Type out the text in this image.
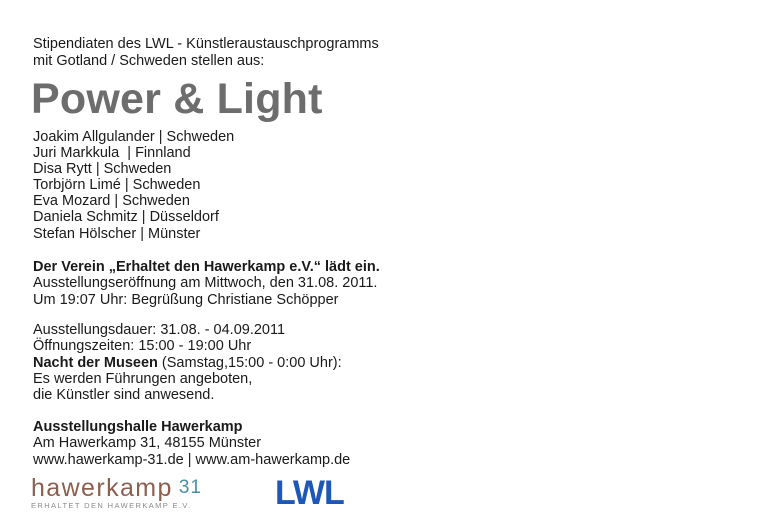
Stipendiaten des LWL - Künstleraustauschprogramms
mit Gotland / Schweden stellen aus:
Power & Light
Joakim Allgulander | Schweden
Juri Markkula  | Finnland
Disa Rytt | Schweden
Torbjörn Limé | Schweden
Eva Mozard | Schweden
Daniela Schmitz | Düsseldorf
Stefan Hölscher | Münster
Der Verein „Erhaltet den Hawerkamp e.V.“ lädt ein.
Ausstellungseröffnung am Mittwoch, den 31.08. 2011.
Um 19:07 Uhr: Begrüßung Christiane Schöpper
Ausstellungsdauer: 31.08. - 04.09.2011
Öffnungszeiten: 15:00 - 19:00 Uhr
Nacht der Museen (Samstag,15:00 - 0:00 Uhr):
Es werden Führungen angeboten,
die Künstler sind anwesend.
Ausstellungshalle Hawerkamp
Am Hawerkamp 31, 48155 Münster
www.hawerkamp-31.de | www.am-hawerkamp.de
hawerkamp 31
ERHALTET DEN HAWERKAMP E.V.	LWL
